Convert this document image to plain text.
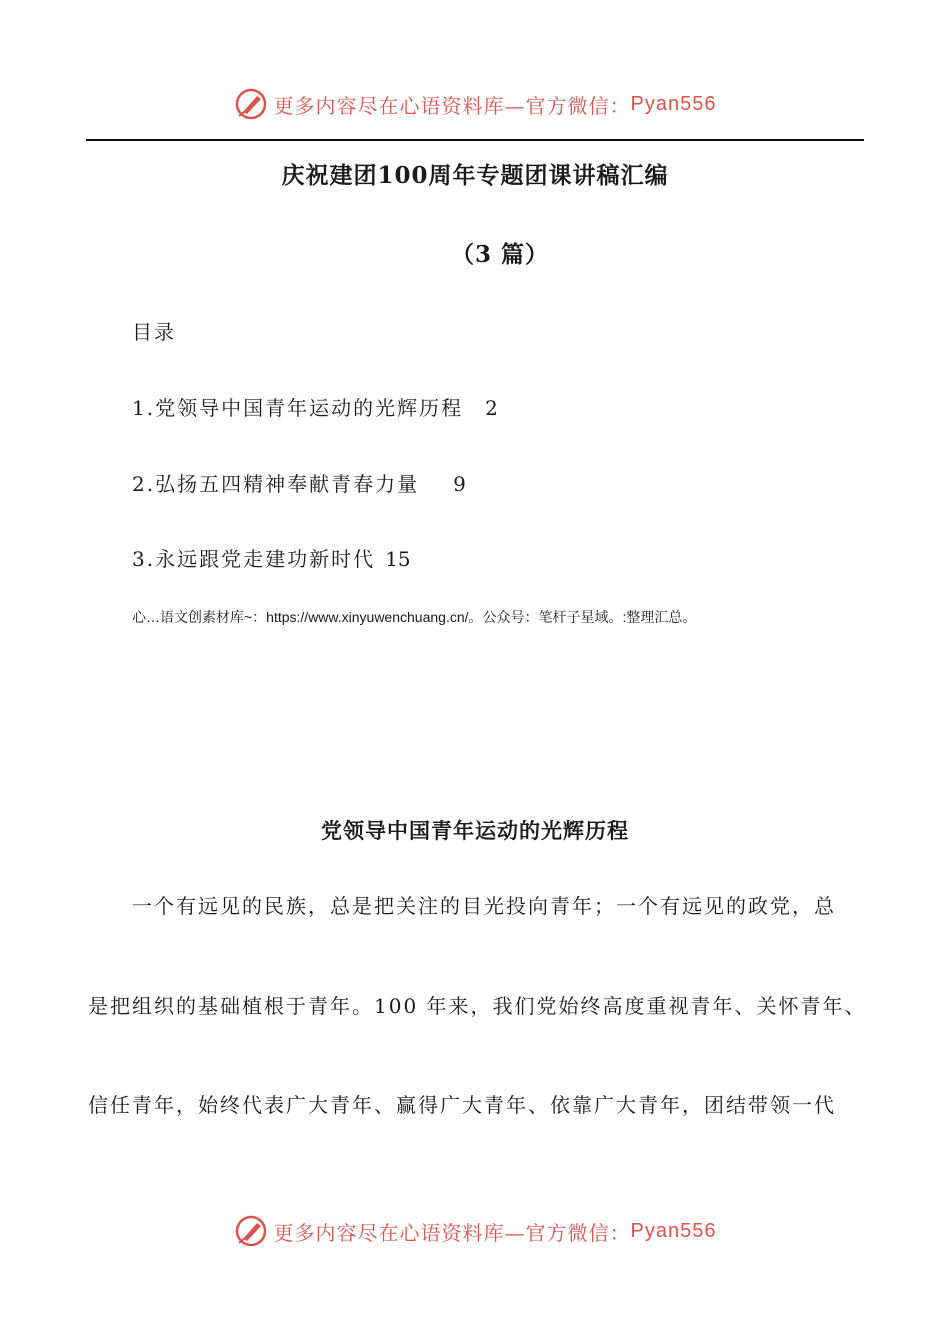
更多内容尽在心语资料库—官方微信： Pyan556
庆祝建团100周年专题团课讲稿汇编
（3 篇）
目录
1.党领导中国青年运动的光辉历程 2
2.弘扬五四精神奉献青春力量 9
3.永远跟党走建功新时代 15
心…语文创素材库~：https://www.xinyuwenchuang.cn/。公众号：笔杆子星域。:整理汇总。
党领导中国青年运动的光辉历程
一个有远见的民族，总是把关注的目光投向青年；一个有远见的政党，总
是把组织的基础植根于青年。100 年来，我们党始终高度重视青年、关怀青年、
信任青年，始终代表广大青年、赢得广大青年、依靠广大青年，团结带领一代
更多内容尽在心语资料库—官方微信： Pyan556
